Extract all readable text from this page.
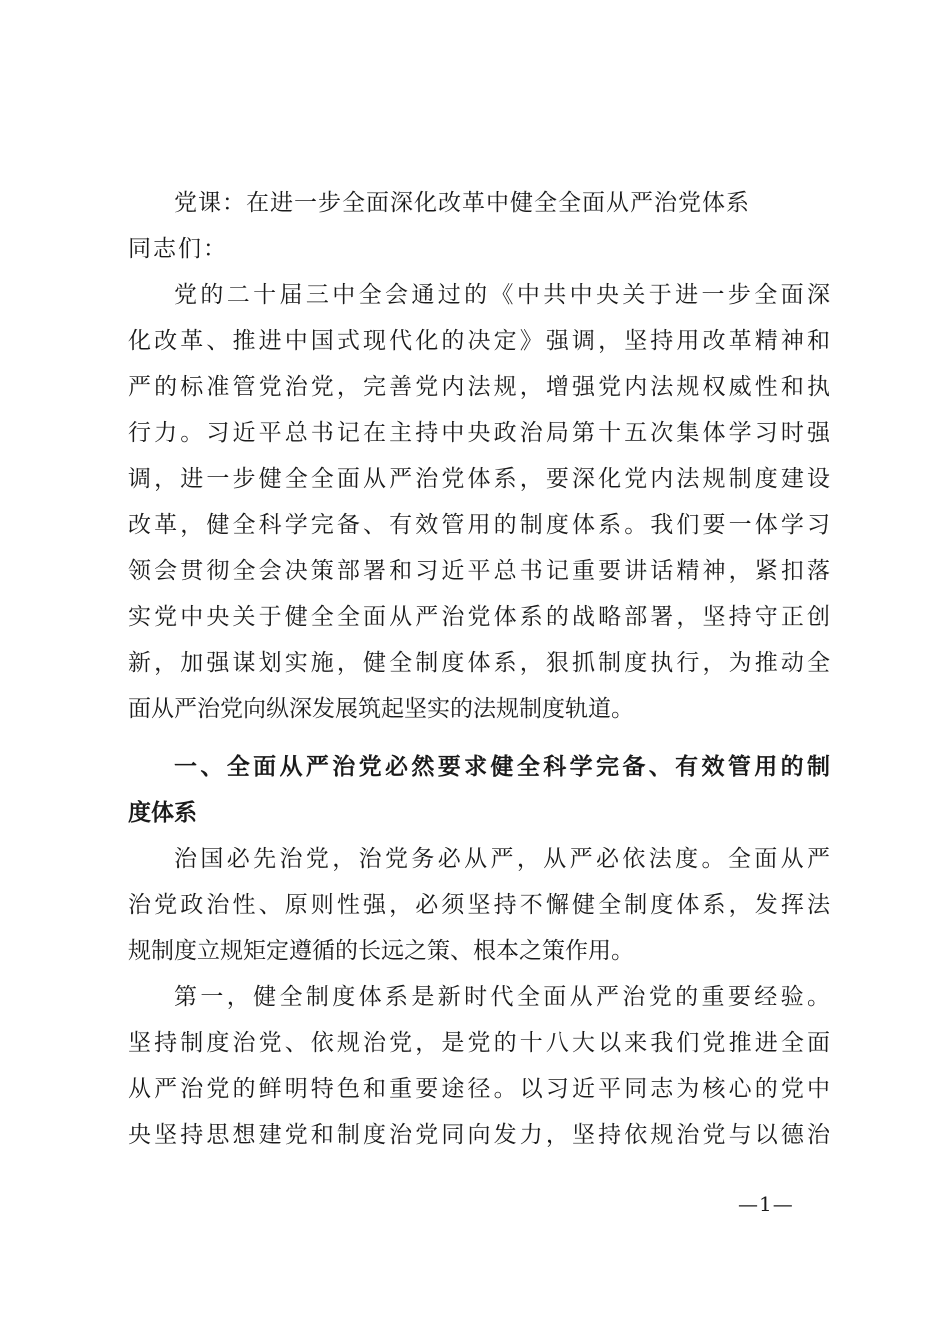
党课：在进一步全面深化改革中健全全面从严治党体系
同志们：
党的二十届三中全会通过的《中共中央关于进一步全面深
化改革、推进中国式现代化的决定》强调，坚持用改革精神和
严的标准管党治党，完善党内法规，增强党内法规权威性和执
行力。习近平总书记在主持中央政治局第十五次集体学习时强
调，进一步健全全面从严治党体系，要深化党内法规制度建设
改革，健全科学完备、有效管用的制度体系。我们要一体学习
领会贯彻全会决策部署和习近平总书记重要讲话精神，紧扣落
实党中央关于健全全面从严治党体系的战略部署，坚持守正创
新，加强谋划实施，健全制度体系，狠抓制度执行，为推动全
面从严治党向纵深发展筑起坚实的法规制度轨道。
一、全面从严治党必然要求健全科学完备、有效管用的制
度体系
治国必先治党，治党务必从严，从严必依法度。全面从严
治党政治性、原则性强，必须坚持不懈健全制度体系，发挥法
规制度立规矩定遵循的长远之策、根本之策作用。
第一，健全制度体系是新时代全面从严治党的重要经验。
坚持制度治党、依规治党，是党的十八大以来我们党推进全面
从严治党的鲜明特色和重要途径。以习近平同志为核心的党中
央坚持思想建党和制度治党同向发力，坚持依规治党与以德治
—1—
